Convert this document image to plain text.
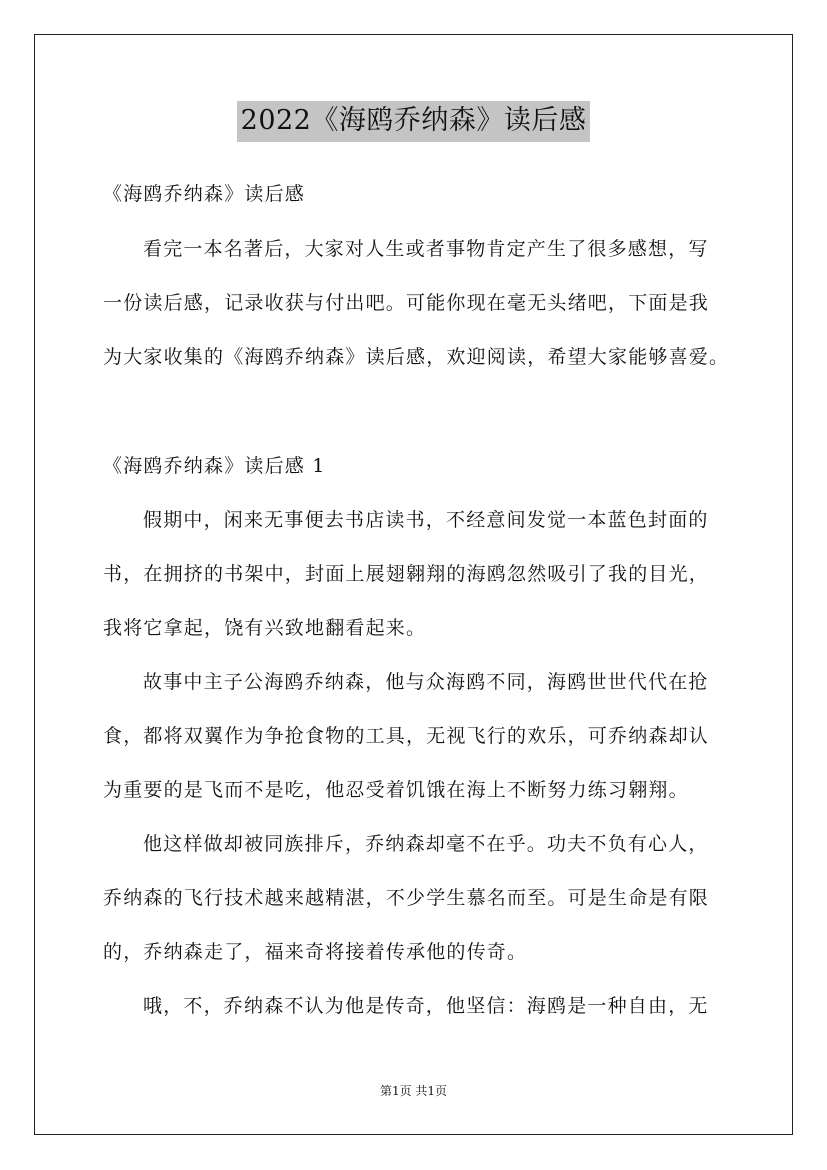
2022《海鸥乔纳森》读后感
《海鸥乔纳森》读后感
看完一本名著后，大家对人生或者事物肯定产生了很多感想，写
一份读后感，记录收获与付出吧。可能你现在毫无头绪吧，下面是我
为大家收集的《海鸥乔纳森》读后感，欢迎阅读，希望大家能够喜爱。
《海鸥乔纳森》读后感 1
假期中，闲来无事便去书店读书，不经意间发觉一本蓝色封面的
书，在拥挤的书架中，封面上展翅翱翔的海鸥忽然吸引了我的目光，
我将它拿起，饶有兴致地翻看起来。
故事中主子公海鸥乔纳森，他与众海鸥不同，海鸥世世代代在抢
食，都将双翼作为争抢食物的工具，无视飞行的欢乐，可乔纳森却认
为重要的是飞而不是吃，他忍受着饥饿在海上不断努力练习翱翔。
他这样做却被同族排斥，乔纳森却毫不在乎。功夫不负有心人，
乔纳森的飞行技术越来越精湛，不少学生慕名而至。可是生命是有限
的，乔纳森走了，福来奇将接着传承他的传奇。
哦，不，乔纳森不认为他是传奇，他坚信：海鸥是一种自由，无
第1页 共1页
